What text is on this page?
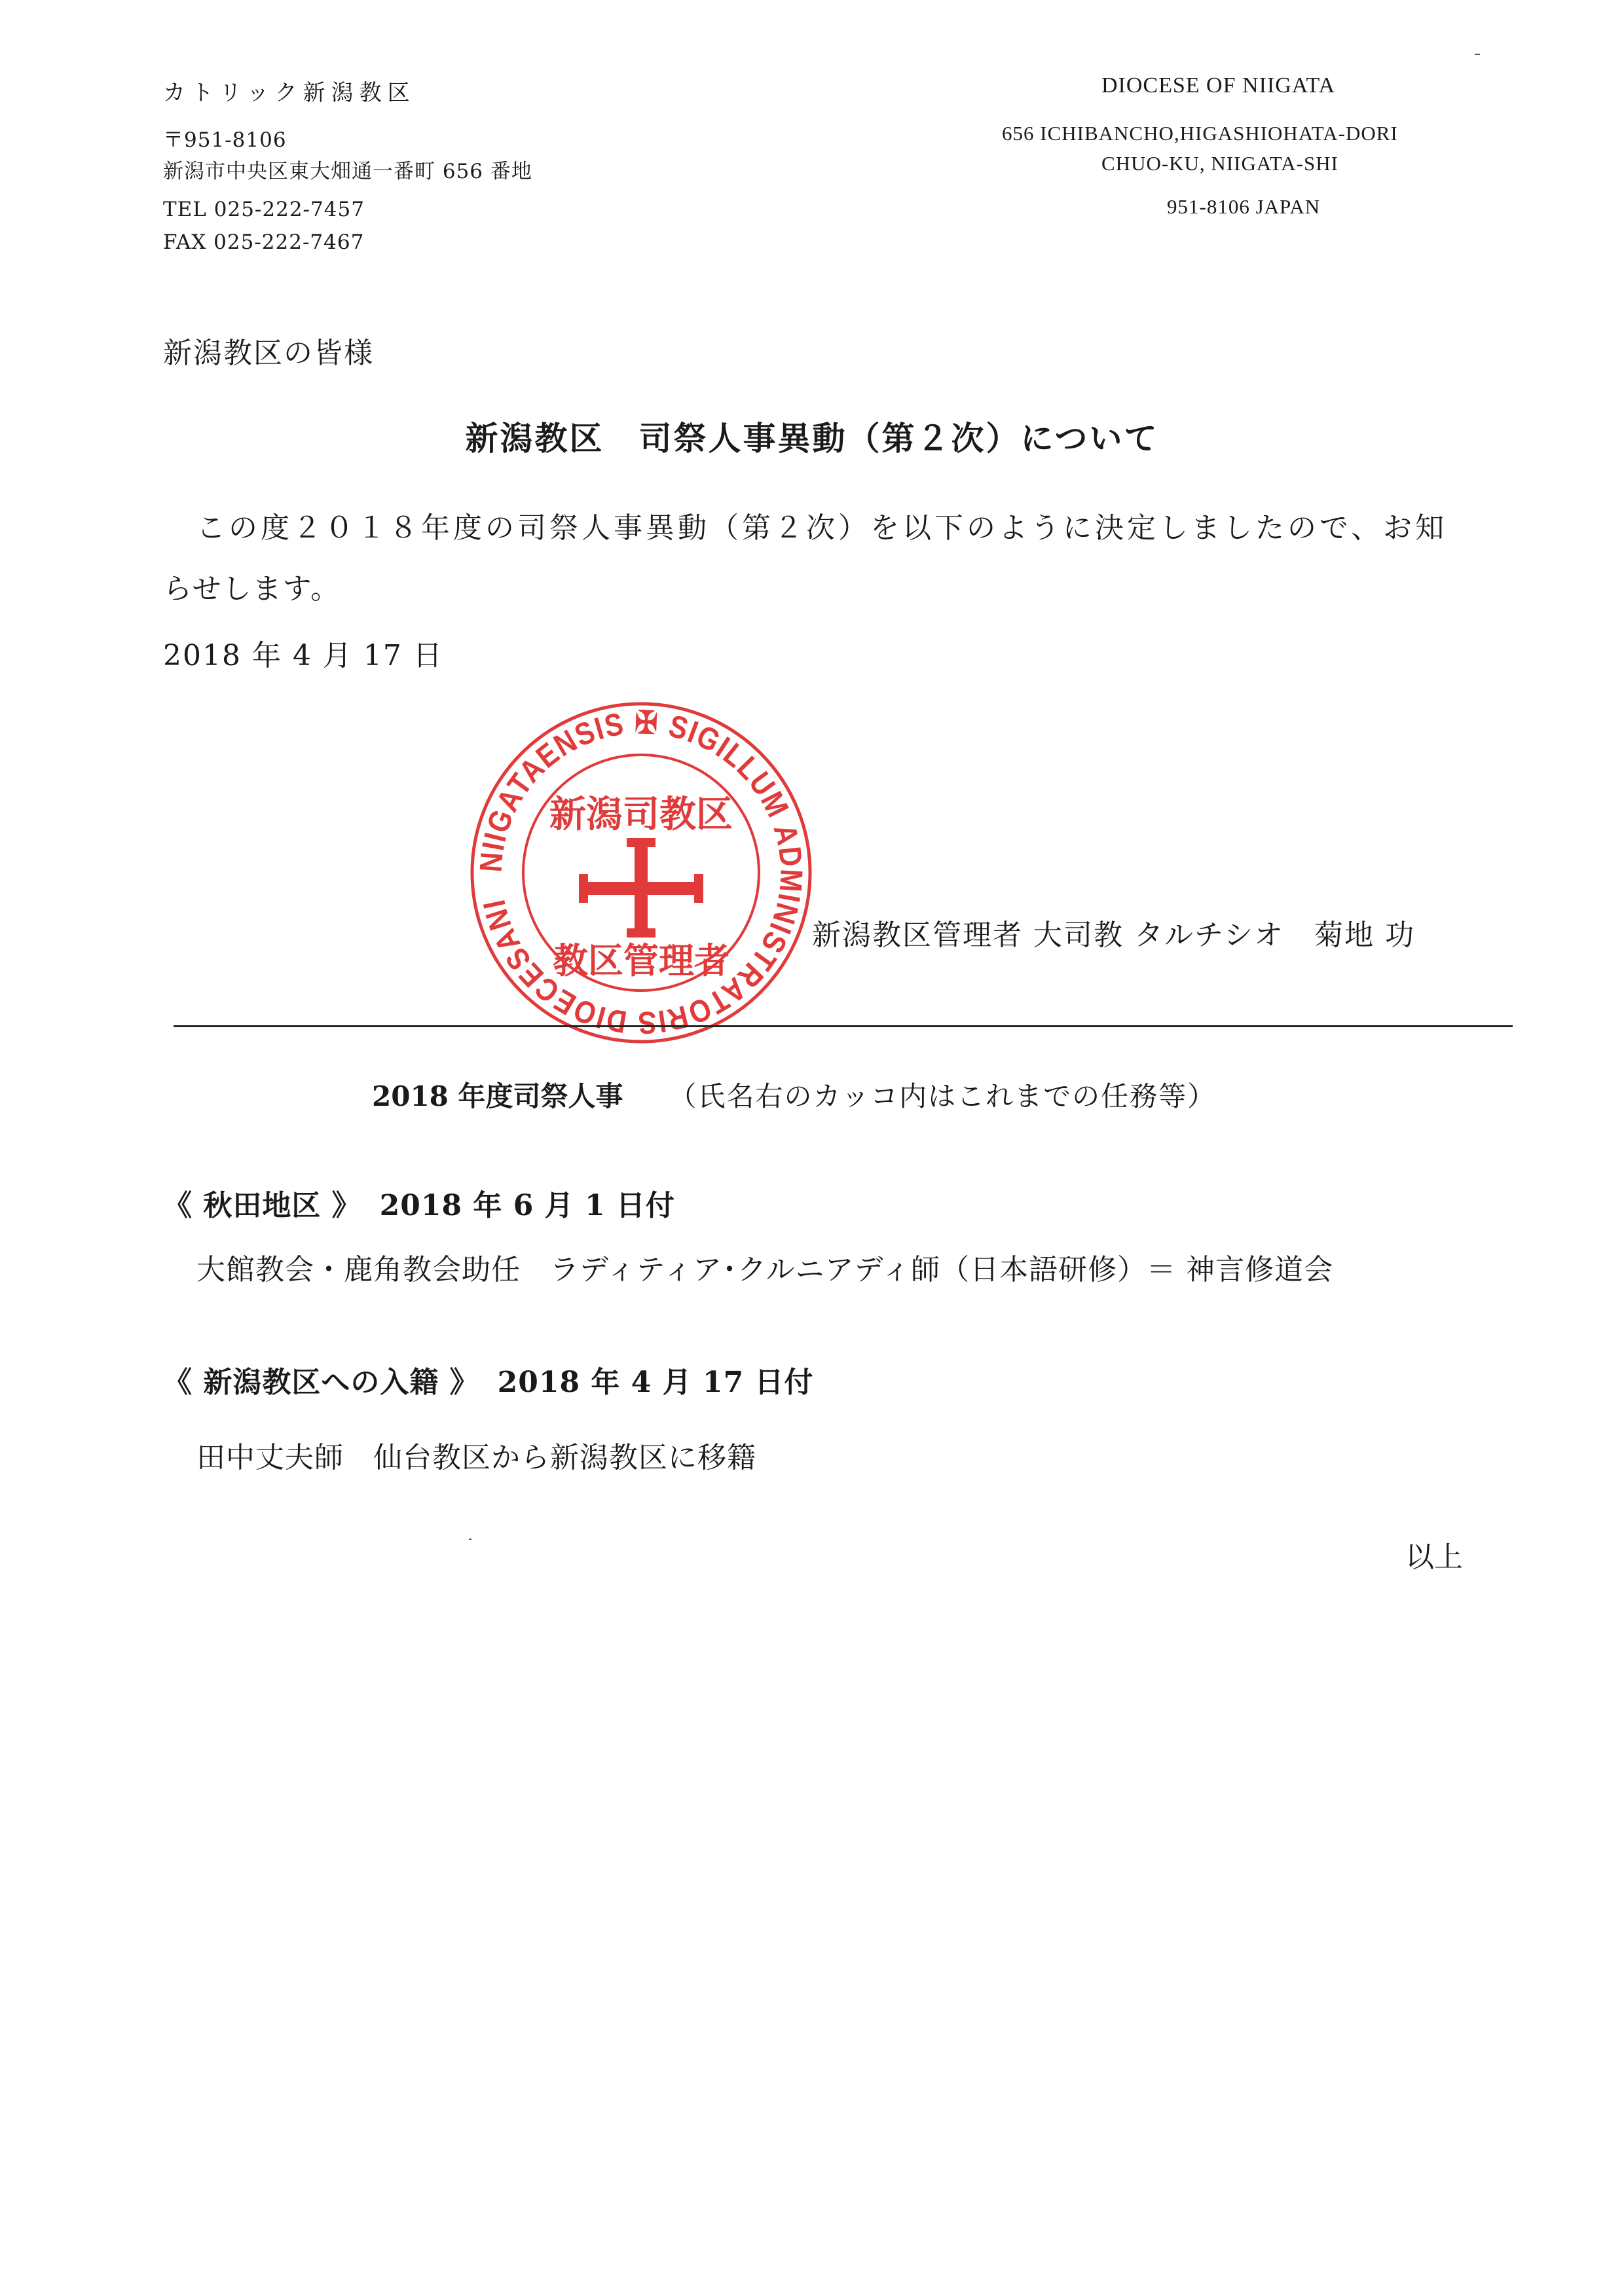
カトリック新潟教区
〒951-8106
新潟市中央区東大畑通一番町 656 番地
TEL 025-222-7457
FAX 025-222-7467
DIOCESE OF NIIGATA
656 ICHIBANCHO,HIGASHIOHATA-DORI
CHUO-KU, NIIGATA-SHI
951-8106 JAPAN
新潟教区の皆様
新潟教区　司祭人事異動（第２次）について
この度２０１８年度の司祭人事異動（第２次）を以下のように決定しましたので、お知
らせします。
2018 年 4 月 17 日
NIIGATAENSIS ✠ SIGILLUM ADMINISTRATORIS DIOECESANI
新潟司教区
教区管理者
新潟教区管理者 大司教 タルチシオ　菊地 功
2018 年度司祭人事 （氏名右のカッコ内はこれまでの任務等）
《 秋田地区 》 2018 年 6 月 1 日付
大館教会・鹿角教会助任　ラディティア･クルニアディ師（日本語研修）＝ 神言修道会
《 新潟教区への入籍 》 2018 年 4 月 17 日付
田中丈夫師　仙台教区から新潟教区に移籍
以上
